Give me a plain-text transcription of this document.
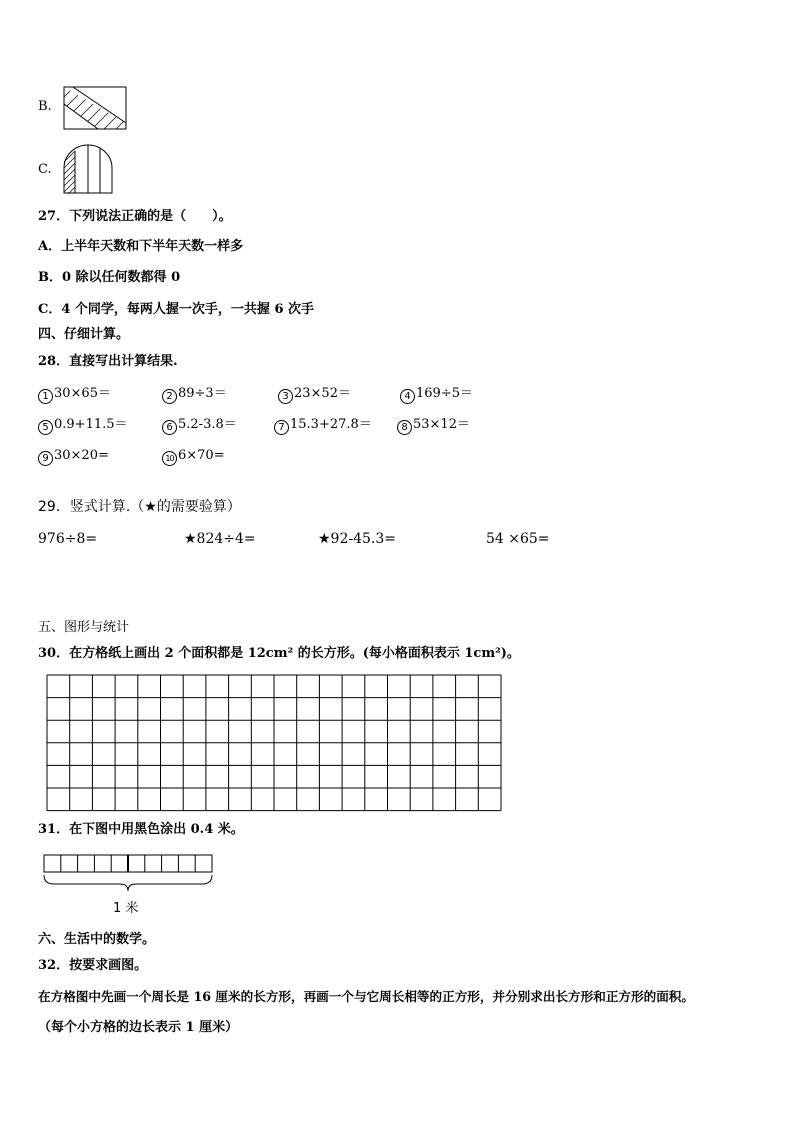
B.
C.
27．下列说法正确的是（　　）。
A．上半年天数和下半年天数一样多
B．0 除以任何数都得 0
C．4 个同学，每两人握一次手，一共握 6 次手
四、仔细计算。
28．直接写出计算结果.
1 30×65＝	2 89÷3＝	3 23×52＝	4 169÷5＝
5 0.9+11.5＝	6 5.2-3.8＝	7 15.3+27.8＝	8 53×12＝
9 30×20=	10 6×70=
29．竖式计算.（★的需要验算）
976÷8=	★824÷4=	★92-45.3=	54 ×65=
五、图形与统计
30．在方格纸上画出 2 个面积都是 12cm² 的长方形。(每小格面积表示 1cm²)。
31．在下图中用黑色涂出 0.4 米。
1 米
六、生活中的数学。
32．按要求画图。
在方格图中先画一个周长是 16 厘米的长方形，再画一个与它周长相等的正方形，并分别求出长方形和正方形的面积。
（每个小方格的边长表示 1 厘米）
